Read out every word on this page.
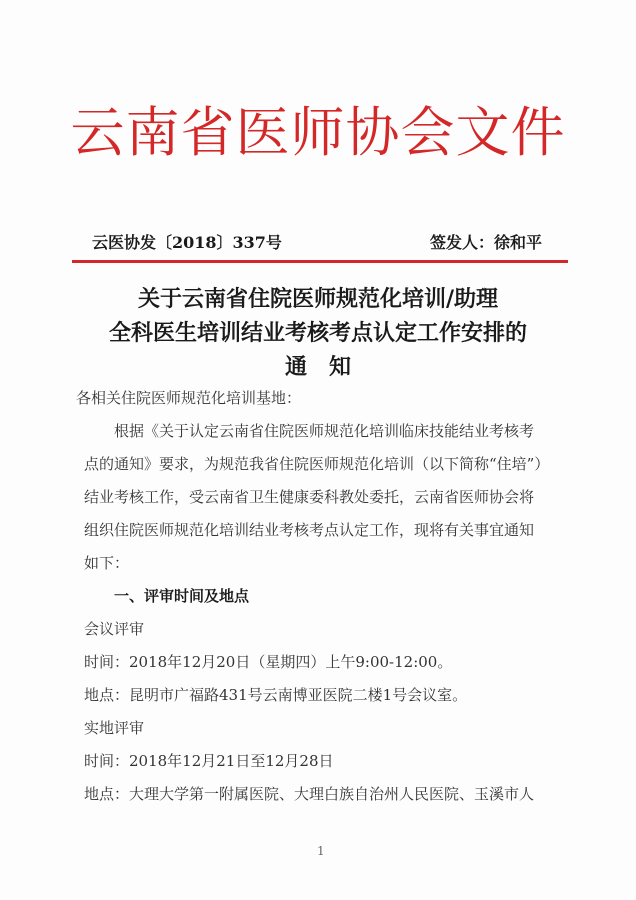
云南省医师协会文件
云医协发〔2018〕337号	签发人：徐和平
关于云南省住院医师规范化培训/助理
全科医生培训结业考核考点认定工作安排的
通　知
各相关住院医师规范化培训基地：
根据《关于认定云南省住院医师规范化培训临床技能结业考核考
点的通知》要求，为规范我省住院医师规范化培训（以下简称“住培”）
结业考核工作，受云南省卫生健康委科教处委托，云南省医师协会将
组织住院医师规范化培训结业考核考点认定工作，现将有关事宜通知
如下：
一、评审时间及地点
会议评审
时间：2018年12月20日（星期四）上午9:00-12:00。
地点：昆明市广福路431号云南博亚医院二楼1号会议室。
实地评审
时间：2018年12月21日至12月28日
地点：大理大学第一附属医院、大理白族自治州人民医院、玉溪市人
1
